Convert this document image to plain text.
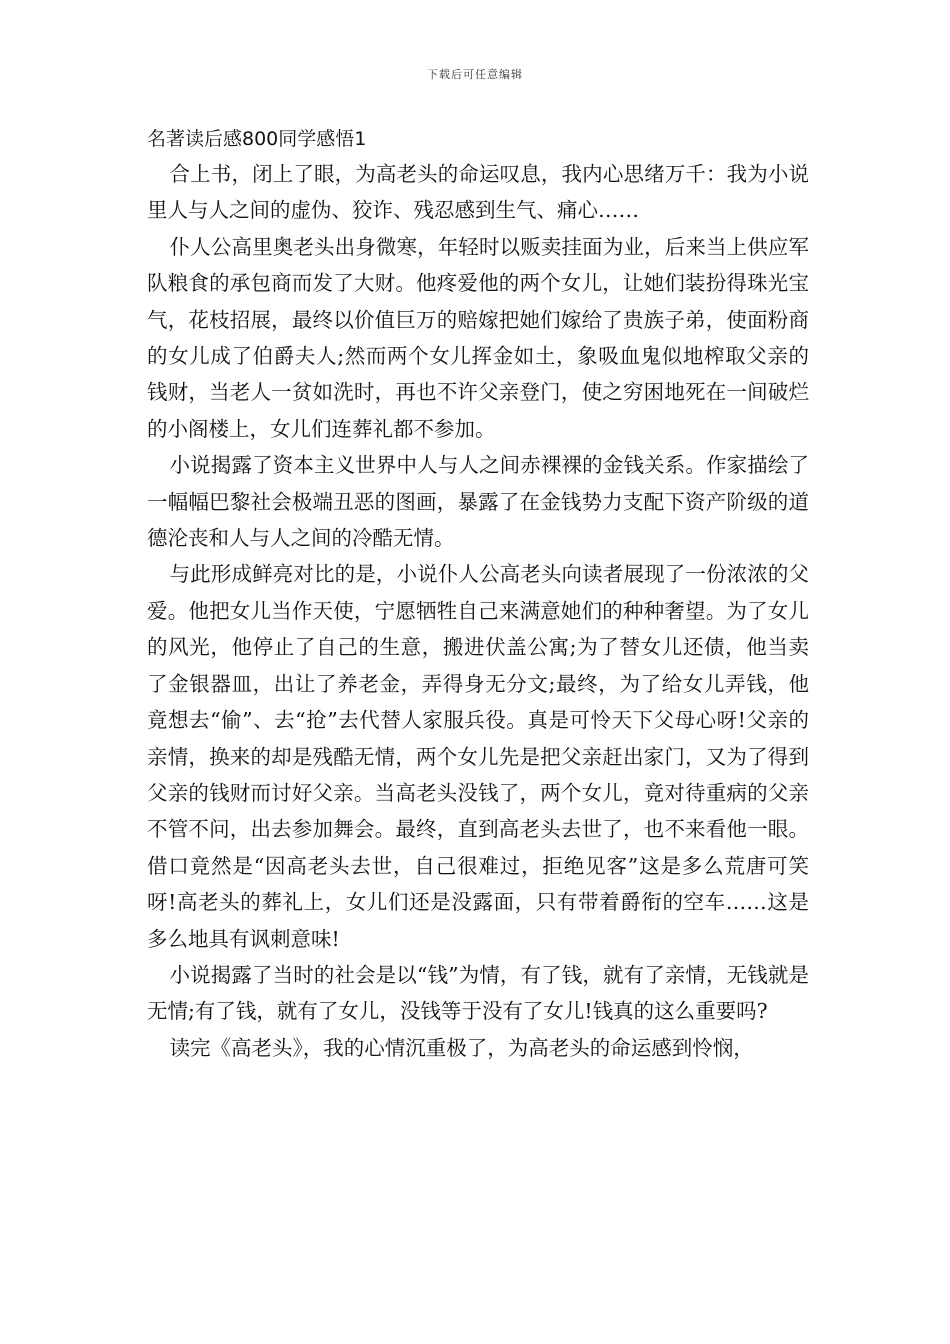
下载后可任意编辑
名著读后感800同学感悟1

合上书，闭上了眼，为高老头的命运叹息，我内心思绪万千：我为小说里人与人之间的虚伪、狡诈、残忍感到生气、痛心……

仆人公高里奥老头出身微寒，年轻时以贩卖挂面为业，后来当上供应军队粮食的承包商而发了大财。他疼爱他的两个女儿，让她们装扮得珠光宝气，花枝招展，最终以价值巨万的赔嫁把她们嫁给了贵族子弟，使面粉商的女儿成了伯爵夫人;然而两个女儿挥金如土，象吸血鬼似地榨取父亲的钱财，当老人一贫如洗时，再也不许父亲登门，使之穷困地死在一间破烂的小阁楼上，女儿们连葬礼都不参加。

小说揭露了资本主义世界中人与人之间赤裸裸的金钱关系。作家描绘了一幅幅巴黎社会极端丑恶的图画，暴露了在金钱势力支配下资产阶级的道德沦丧和人与人之间的冷酷无情。

与此形成鲜亮对比的是，小说仆人公高老头向读者展现了一份浓浓的父爱。他把女儿当作天使，宁愿牺牲自己来满意她们的种种奢望。为了女儿的风光，他停止了自己的生意，搬进伏盖公寓;为了替女儿还债，他当卖了金银器皿，出让了养老金，弄得身无分文;最终，为了给女儿弄钱，他竟想去“偷”、去“抢”去代替人家服兵役。真是可怜天下父母心呀!父亲的亲情，换来的却是残酷无情，两个女儿先是把父亲赶出家门，又为了得到父亲的钱财而讨好父亲。当高老头没钱了，两个女儿，竟对待重病的父亲不管不问，出去参加舞会。最终，直到高老头去世了，也不来看他一眼。借口竟然是“因高老头去世，自己很难过，拒绝见客”这是多么荒唐可笑呀!高老头的葬礼上，女儿们还是没露面，只有带着爵衔的空车……这是多么地具有讽刺意味!

小说揭露了当时的社会是以“钱”为情，有了钱，就有了亲情，无钱就是无情;有了钱，就有了女儿，没钱等于没有了女儿!钱真的这么重要吗?

读完《高老头》，我的心情沉重极了，为高老头的命运感到怜悯，
